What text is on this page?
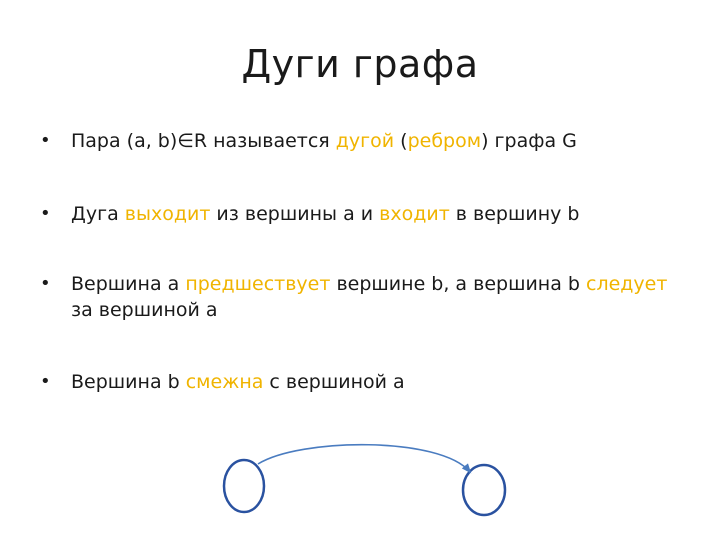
Дуги графа
•	Пара (a, b)∈R называется дугой (ребром) графа G
•	Дуга выходит из вершины a и входит в вершину b
•	Вершина a предшествует вершине b, a вершина b следует за вершиной a
•	Вершина b смежна с вершиной a
